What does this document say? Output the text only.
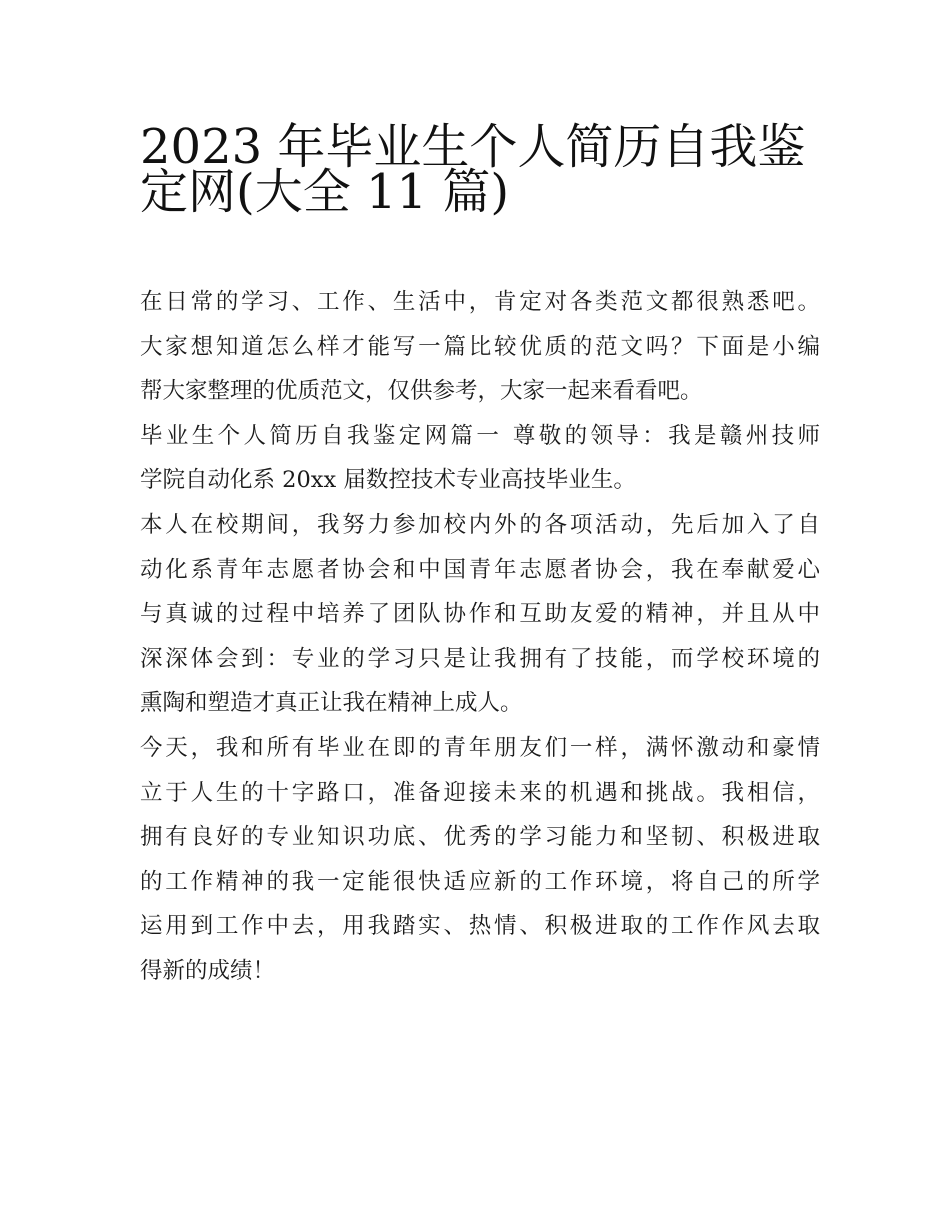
2023 年毕业生个人简历自我鉴
定网(大全 11 篇)

在日常的学习、工作、生活中，肯定对各类范文都很熟悉吧。
大家想知道怎么样才能写一篇比较优质的范文吗？下面是小编
帮大家整理的优质范文，仅供参考，大家一起来看看吧。

毕业生个人简历自我鉴定网篇一 尊敬的领导：我是赣州技师
学院自动化系 20xx 届数控技术专业高技毕业生。

本人在校期间，我努力参加校内外的各项活动，先后加入了自
动化系青年志愿者协会和中国青年志愿者协会，我在奉献爱心
与真诚的过程中培养了团队协作和互助友爱的精神，并且从中
深深体会到：专业的学习只是让我拥有了技能，而学校环境的
熏陶和塑造才真正让我在精神上成人。

今天，我和所有毕业在即的青年朋友们一样，满怀激动和豪情
立于人生的十字路口，准备迎接未来的机遇和挑战。我相信，
拥有良好的专业知识功底、优秀的学习能力和坚韧、积极进取
的工作精神的我一定能很快适应新的工作环境，将自己的所学
运用到工作中去，用我踏实、热情、积极进取的工作作风去取
得新的成绩！
